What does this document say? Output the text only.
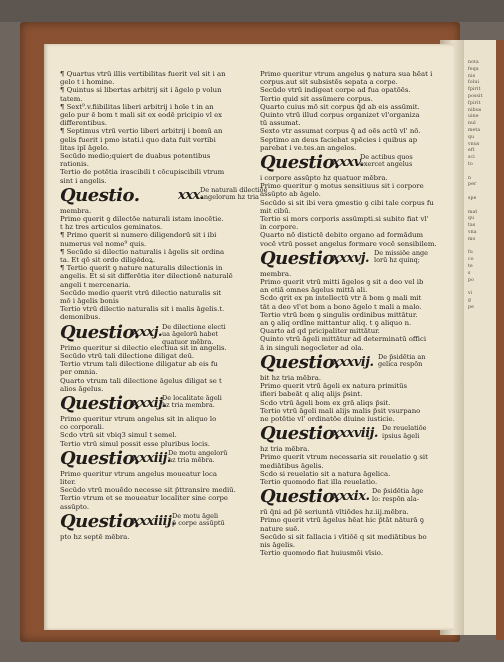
nota
fequ
nis
folui
fpirit
possit
fpirit
nibus
uine
nul
meta
qu
vnus
eft
sci
to

n
per

spe

mat
qu
tas
vna
mo

fu
co
te
s
po

vi
g
pe
¶ Quartus vtrū illis vertibilitas fuerit vel sit i an
gelo t i homine.
¶ Quintus si libertas arbitrij sit i āgelo p volun
tatem.
¶ Sext⁹.v.fiibilitas liberi arbitrij i hoīe t in an
gelo pur ē bom t mali sit ex eodē pricipio vl ex
differentibus.
¶ Septimus vtrū vertio liberi arbitrij i bomū an
gelis fuerit i pmo istati.i quo data fuit vertibi
litas ipī āgelo.
Secūdo medio;quiert de duabus potentibus
rationis.
Tertio de potētia irascibili t cōcupiscibili vtrum
sint i angelis.
Questio.	xxx.
De naturali dilectiōe
angelorum hz tria
membra.
Primo querit ꝯ dilectōe naturali istam inocētie.
t hz tres articulos geminatos.
¶ Primo querit si numero diligendorū sit i ibi
numerus vel nome⁹ quis.
¶ Secūdo si dilectio naturalis i āgelis sit ordina
ta. Et qō sit ordo diligēdoꝝ.
¶ Tertio querit ꝯ nature naturalis dilectionis in
angelis. Et si sit differētia iter dilectionē naturalē
angeli t mercenaria.
Secūdo medio querit vtrū dilectio naturalis sit
mō i āgelis bonis
Tertio vtrū dilectio naturalis sit i malis āgelis.t.
demonibus.
Questio.
xxxj. De dilectione electi
ua āgelorū habet
quatuor mēbra.
Primo queritur si dilectio electiua sit in angelis.
Secūdo vtrū tali dilectione diligat deū.
Tertio vtrum tali dilectione diligatur ab eis fu
per omnia.
Quarto vtrum tali dilectione āgelus diligat se t
alios āgelus.
Questio.
xxxij.
De localitate āgeli
hz tria membra.
Primo queritur vtrum angelus sit in aliquo lo
co corporali.
Scdo vtrū sit vbiq3 simul t semel.
Tertio vtrū simul possit esse pluribus locis.
Questio.
xxxiij.
De motu angelorū
hz tria mēbra.
Primo queritur vtrum angelus moueatur loca
liter.
Secūdo vtrū mouēdo necesse sit p̄ttransire mediū.
Tertio vtrum et se moueatur localiter sine corpe
assūpto.
Questio.
xxxiiij.
De motu āgeli
p̄ corpe assūptū
pto hz septē mēbra.
Primo queritur vtrum angelus ꝯ natura sua hēat i
corpus.aut sit subsistēs sepata a corpe.
Secūdo vtrū indigeat corpe ad fua opatōēs.
Tertio quid sit assūmere corpus.
Quarto cuius mō sit corpus q̄d ab eis assūmit.
Quinto vtrū illud corpus organizet vl'organiza
tū assumat.
Sexto vtr assumat corpus q̄ ad oēs actū vl' nō.
Septimo an deus faciebat spēcies i quibus ap
parebat i ve.tes.an angelos.
Questio.
xxxv.
De actibus quos
exercet angelus
i corpore assūpto hz quatuor mēbra.
Primo queritur ꝯ motus sensitiuus sit i corpore
assūpto ab āgelo.
Secūdo si sit ibi vera ꝯmestio ꝯ cibi tale corpus fu
mit cibū.
Tertio si mors corporis assūmpti.si subito fiat vl'
in corpore.
Quarto nō distictē debito organo ad formādum
vocē vtrū posset angelus formare vocē sensibilem.
Questio.
xxxvj. De missiōe ange
lorū hz quinq;
membra.
Primo querit vtrū mitti āgelos ꝯ sit a deo vel ib
an etiā omnes āgelus mittā ali.
Scdo qrit ex pn intellectū vtr ā bom ꝯ mali mit
tāt a deo vl'et bom a bono āgelo t mali a malo.
Tertio vtrū bom ꝯ singulis ordinibus mittātur.
an ꝯ aliq ordīne mittantur aliq. t ꝯ aliquo n.
Quarto ad qd pricipaliter mittātur.
Quinto vtrū āgeli mittātur ad determinatū offici
ā in singuli negocīeter ad ola.
Questio.
xxxvij. De p̄sidētia an
gelica respōn
bit hz tria mēbra.
Primo querit vtrū āgeli ex natura primitūs
ifieri babeāt q aliq alijs p̄sint.
Scdo vtrū āgeli bom ex grā aliqs p̄sit.
Tertio vtrū āgeli mali alijs malis p̄sit vsurpano
ne potētie vl' ordinatōe diuine iusticie.
Questio.
xxxviij. De reuelatiōe
ipsius āgeli
hz tria mēbra.
Primo querit vtrum necessaria sit reuelatio ꝯ sit
mediātibus āgelis.
Scdo si reuelatio sit a natura āgelica.
Tertio quomodo fiat illa reuelatio.
Questio.
xxxix. De p̄sidētia āge
lo: respōn ala-
rū q̄ni ad p̄ē seriuntā vītiōdes hz.iij.mēbra.
Primo querit vtrū āgelus hēat hic p̄tāt nāturā ꝯ
nature suē.
Secūdo si sit fallacia i vītiōē q sit mediātibus bo
nis āgelis.
Tertio quomodo fiat huiusmōi vīsio.
